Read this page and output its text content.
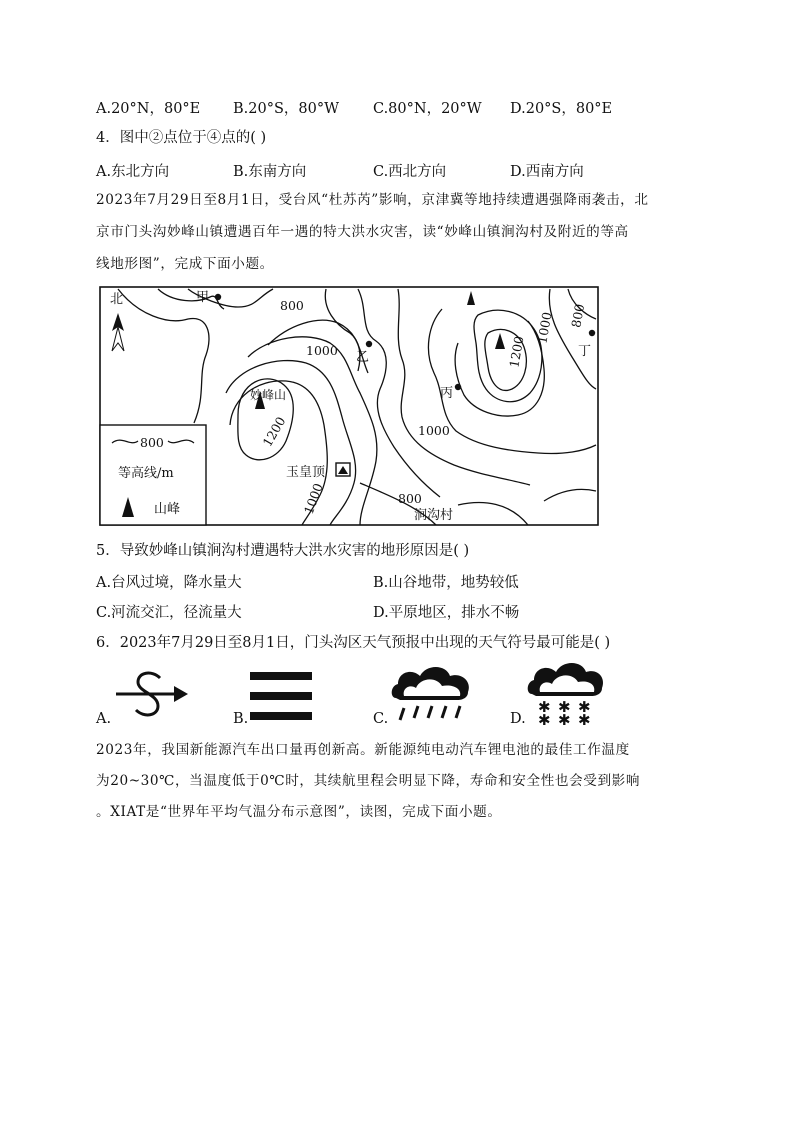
A.20°N，80°E B.20°S，80°W C.80°N，20°W D.20°S，80°E
4．图中②点位于④点的( )
A.东北方向	B.东南方向	C.西北方向	D.西南方向
2023年7月29日至8月1日，受台风“杜苏芮”影响，京津冀等地持续遭遇强降雨袭击，北
京市门头沟妙峰山镇遭遇百年一遇的特大洪水灾害，读“妙峰山镇涧沟村及附近的等高
线地形图”，完成下面小题。
北	甲
乙
丙
丁
妙峰山
玉皇顶
涧沟村
800
1000
1200
1000
1200
1000 800
1000
800
800
等高线/m
山峰
5．导致妙峰山镇涧沟村遭遇特大洪水灾害的地形原因是( )
A.台风过境，降水量大	B.山谷地带，地势较低
C.河流交汇，径流量大	D.平原地区，排水不畅
6．2023年7月29日至8月1日，门头沟区天气预报中出现的天气符号最可能是( )
A.	B.	C.	D.
✱ ✱ ✱
✱ ✱ ✱
2023年，我国新能源汽车出口量再创新高。新能源纯电动汽车锂电池的最佳工作温度
为20~30℃，当温度低于0℃时，其续航里程会明显下降，寿命和安全性也会受到影响
。XIAT是“世界年平均气温分布示意图”，读图，完成下面小题。
